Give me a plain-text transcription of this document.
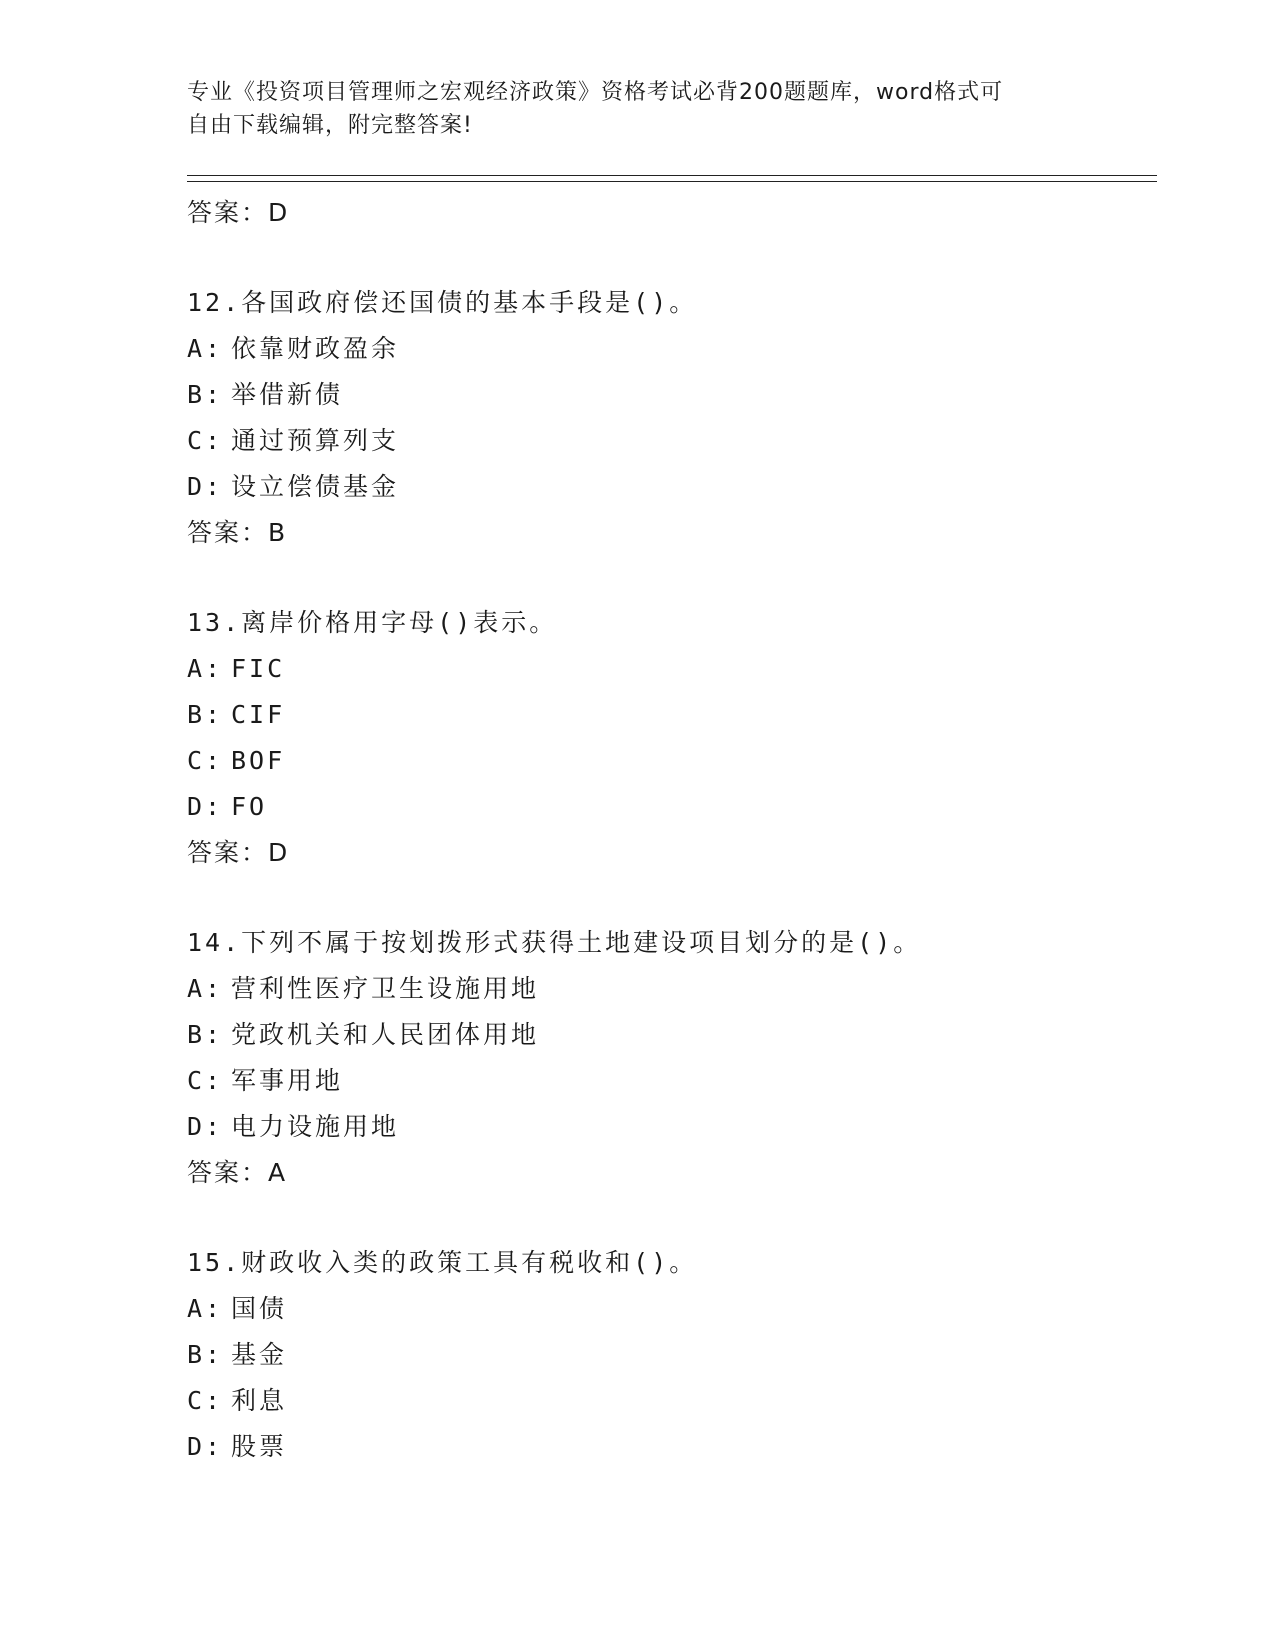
专业《投资项目管理师之宏观经济政策》资格考试必背200题题库，word格式可
自由下载编辑，附完整答案!

答案：D
12.各国政府偿还国债的基本手段是()。
A: 依靠财政盈余
B: 举借新债
C: 通过预算列支
D: 设立偿债基金
答案：B
13.离岸价格用字母()表示。
A: FIC
B: CIF
C: BOF
D: FO
答案：D
14.下列不属于按划拨形式获得土地建设项目划分的是()。
A: 营利性医疗卫生设施用地
B: 党政机关和人民团体用地
C: 军事用地
D: 电力设施用地
答案：A
15.财政收入类的政策工具有税收和()。
A: 国债
B: 基金
C: 利息
D: 股票
